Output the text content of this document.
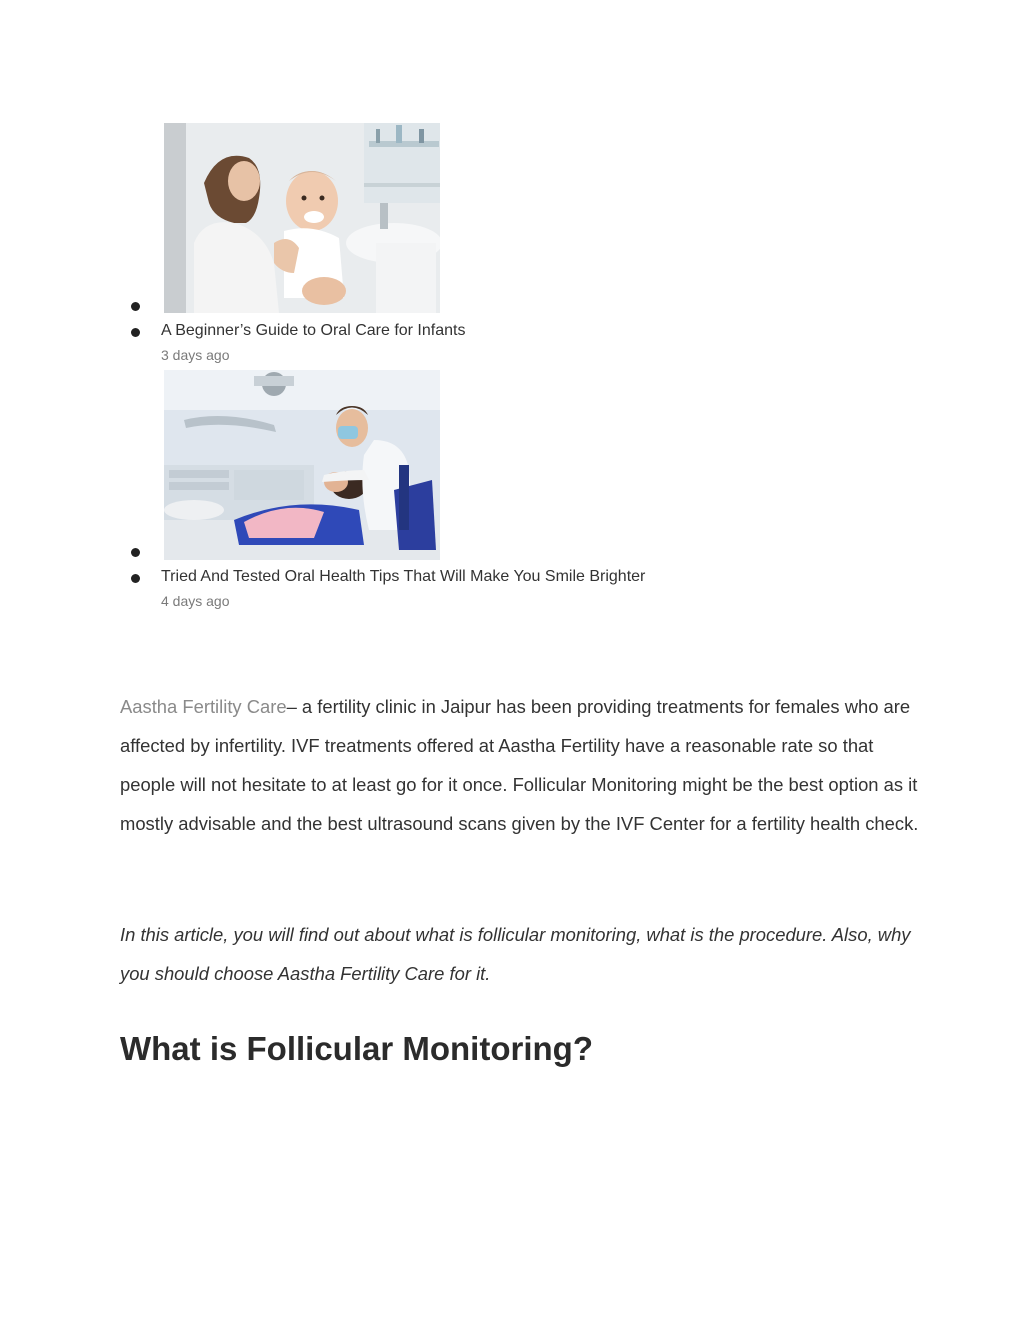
A Beginner’s Guide to Oral Care for Infants
3 days ago
Tried And Tested Oral Health Tips That Will Make You Smile Brighter
4 days ago

Aastha Fertility Care– a fertility clinic in Jaipur has been providing treatments for females who are affected by infertility. IVF treatments offered at Aastha Fertility have a reasonable rate so that people will not hesitate to at least go for it once. Follicular Monitoring might be the best option as it mostly advisable and the best ultrasound scans given by the IVF Center for a fertility health check.

In this article, you will find out about what is follicular monitoring, what is the procedure. Also, why you should choose Aastha Fertility Care for it.

What is Follicular Monitoring?
